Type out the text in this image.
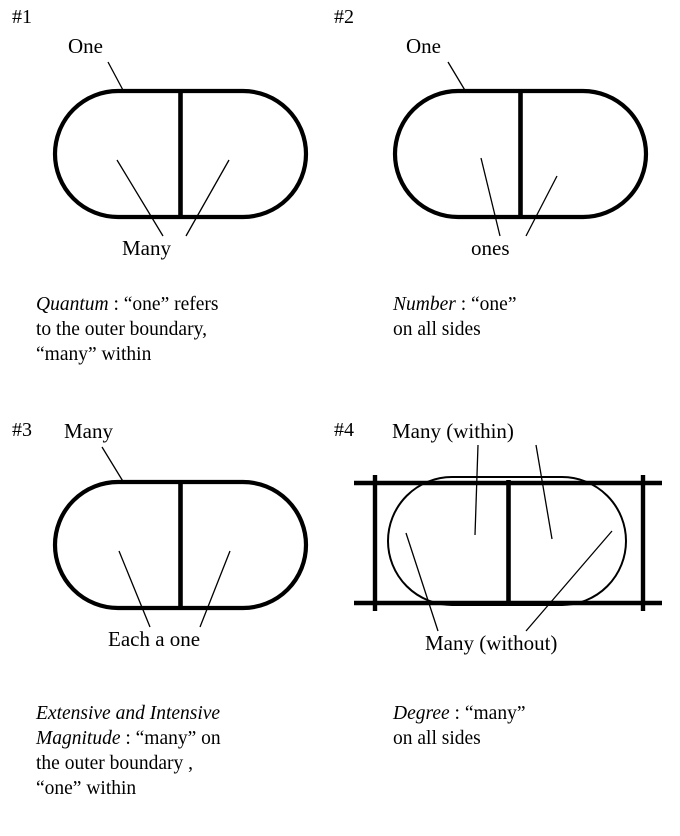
#1
One
Many
Quantum : “one” refers
to the outer boundary,
“many” within
#2
One
ones
Number : “one”
on all sides
#3 Many
Each a one
Extensive and Intensive
Magnitude : “many” on
the outer boundary ,
“one” within
#4 Many (within)
Many (without)
Degree : “many”
on all sides
